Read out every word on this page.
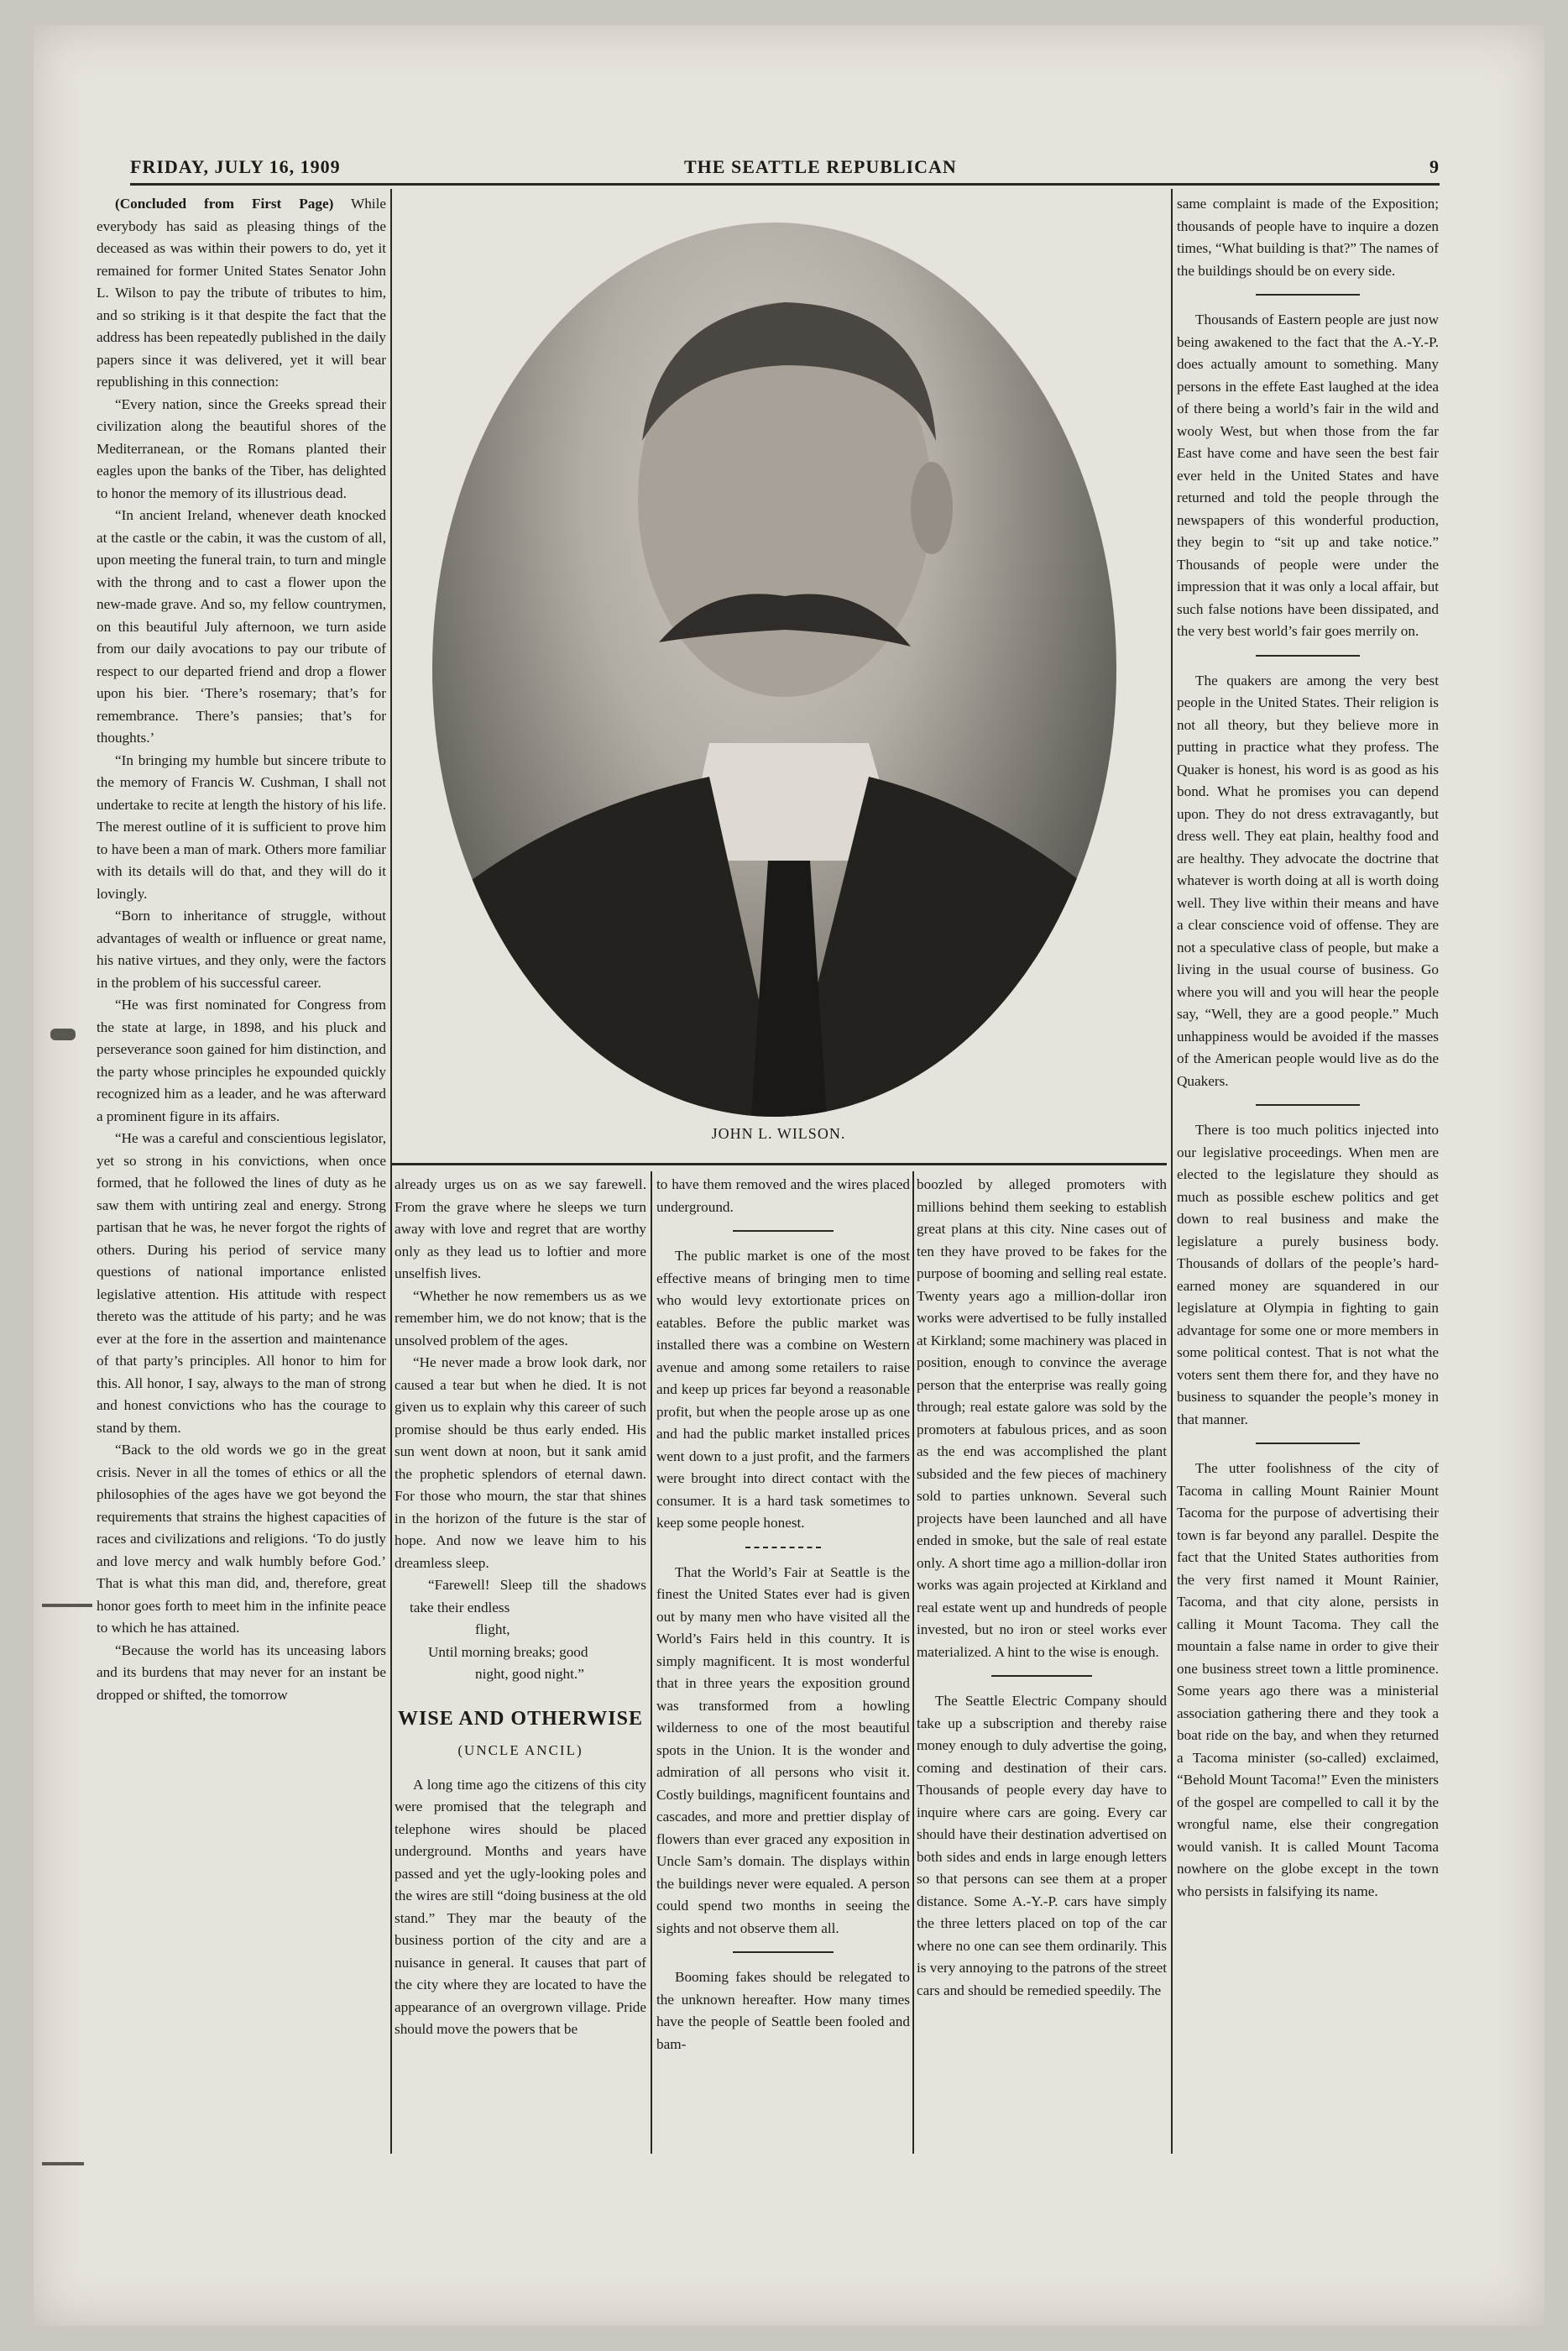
FRIDAY, JULY 16, 1909	THE SEATTLE REPUBLICAN	9

(Concluded from First Page) While everybody has said as pleasing things of the deceased as was within their powers to do, yet it remained for former United States Senator John L. Wilson to pay the tribute of tributes to him, and so striking is it that despite the fact that the address has been repeatedly published in the daily papers since it was delivered, yet it will bear republishing in this connection:

“Every nation, since the Greeks spread their civilization along the beautiful shores of the Mediterranean, or the Romans planted their eagles upon the banks of the Tiber, has delighted to honor the memory of its illustrious dead.

“In ancient Ireland, whenever death knocked at the castle or the cabin, it was the custom of all, upon meeting the funeral train, to turn and mingle with the throng and to cast a flower upon the new-made grave. And so, my fellow countrymen, on this beautiful July afternoon, we turn aside from our daily avocations to pay our tribute of respect to our departed friend and drop a flower upon his bier. ‘There’s rosemary; that’s for remembrance. There’s pansies; that’s for thoughts.’

“In bringing my humble but sincere tribute to the memory of Francis W. Cushman, I shall not undertake to recite at length the history of his life. The merest outline of it is sufficient to prove him to have been a man of mark. Others more familiar with its details will do that, and they will do it lovingly.

“Born to inheritance of struggle, without advantages of wealth or influence or great name, his native virtues, and they only, were the factors in the problem of his successful career.

“He was first nominated for Congress from the state at large, in 1898, and his pluck and perseverance soon gained for him distinction, and the party whose principles he expounded quickly recognized him as a leader, and he was afterward a prominent figure in its affairs.

“He was a careful and conscientious legislator, yet so strong in his convictions, when once formed, that he followed the lines of duty as he saw them with untiring zeal and energy. Strong partisan that he was, he never forgot the rights of others. During his period of service many questions of national importance enlisted legislative attention. His attitude with respect thereto was the attitude of his party; and he was ever at the fore in the assertion and maintenance of that party’s principles. All honor to him for this. All honor, I say, always to the man of strong and honest convictions who has the courage to stand by them.

“Back to the old words we go in the great crisis. Never in all the tomes of ethics or all the philosophies of the ages have we got beyond the requirements that strains the highest capacities of races and civilizations and religions. ‘To do justly and love mercy and walk humbly before God.’ That is what this man did, and, therefore, great honor goes forth to meet him in the infinite peace to which he has attained.

“Because the world has its unceasing labors and its burdens that may never for an instant be dropped or shifted, the tomorrow

JOHN L. WILSON.

already urges us on as we say farewell. From the grave where he sleeps we turn away with love and regret that are worthy only as they lead us to loftier and more unselfish lives.

“Whether he now remembers us as we remember him, we do not know; that is the unsolved problem of the ages.

“He never made a brow look dark, nor caused a tear but when he died. It is not given us to explain why this career of such promise should be thus early ended. His sun went down at noon, but it sank amid the prophetic splendors of eternal dawn. For those who mourn, the star that shines in the horizon of the future is the star of hope. And now we leave him to his dreamless sleep.

“Farewell! Sleep till the shadows take their endless
flight,

Until morning breaks; good
night, good night.”

WISE AND OTHERWISE
(UNCLE ANCIL)

A long time ago the citizens of this city were promised that the telegraph and telephone wires should be placed underground. Months and years have passed and yet the ugly-looking poles and the wires are still “doing business at the old stand.” They mar the beauty of the business portion of the city and are a nuisance in general. It causes that part of the city where they are located to have the appearance of an overgrown village. Pride should move the powers that be

to have them removed and the wires placed underground.

The public market is one of the most effective means of bringing men to time who would levy extortionate prices on eatables. Before the public market was installed there was a combine on Western avenue and among some retailers to raise and keep up prices far beyond a reasonable profit, but when the people arose up as one and had the public market installed prices went down to a just profit, and the farmers were brought into direct contact with the consumer. It is a hard task sometimes to keep some people honest.

That the World’s Fair at Seattle is the finest the United States ever had is given out by many men who have visited all the World’s Fairs held in this country. It is simply magnificent. It is most wonderful that in three years the exposition ground was transformed from a howling wilderness to one of the most beautiful spots in the Union. It is the wonder and admiration of all persons who visit it. Costly buildings, magnificent fountains and cascades, and more and prettier display of flowers than ever graced any exposition in Uncle Sam’s domain. The displays within the buildings never were equaled. A person could spend two months in seeing the sights and not observe them all.

Booming fakes should be relegated to the unknown hereafter. How many times have the people of Seattle been fooled and bam-

boozled by alleged promoters with millions behind them seeking to establish great plans at this city. Nine cases out of ten they have proved to be fakes for the purpose of booming and selling real estate. Twenty years ago a million-dollar iron works were advertised to be fully installed at Kirkland; some machinery was placed in position, enough to convince the average person that the enterprise was really going through; real estate galore was sold by the promoters at fabulous prices, and as soon as the end was accomplished the plant subsided and the few pieces of machinery sold to parties unknown. Several such projects have been launched and all have ended in smoke, but the sale of real estate only. A short time ago a million-dollar iron works was again projected at Kirkland and real estate went up and hundreds of people invested, but no iron or steel works ever materialized. A hint to the wise is enough.

The Seattle Electric Company should take up a subscription and thereby raise money enough to duly advertise the going, coming and destination of their cars. Thousands of people every day have to inquire where cars are going. Every car should have their destination advertised on both sides and ends in large enough letters so that persons can see them at a proper distance. Some A.-Y.-P. cars have simply the three letters placed on top of the car where no one can see them ordinarily. This is very annoying to the patrons of the street cars and should be remedied speedily. The

same complaint is made of the Exposition; thousands of people have to inquire a dozen times, “What building is that?” The names of the buildings should be on every side.

Thousands of Eastern people are just now being awakened to the fact that the A.-Y.-P. does actually amount to something. Many persons in the effete East laughed at the idea of there being a world’s fair in the wild and wooly West, but when those from the far East have come and have seen the best fair ever held in the United States and have returned and told the people through the newspapers of this wonderful production, they begin to “sit up and take notice.” Thousands of people were under the impression that it was only a local affair, but such false notions have been dissipated, and the very best world’s fair goes merrily on.

The quakers are among the very best people in the United States. Their religion is not all theory, but they believe more in putting in practice what they profess. The Quaker is honest, his word is as good as his bond. What he promises you can depend upon. They do not dress extravagantly, but dress well. They eat plain, healthy food and are healthy. They advocate the doctrine that whatever is worth doing at all is worth doing well. They live within their means and have a clear conscience void of offense. They are not a speculative class of people, but make a living in the usual course of business. Go where you will and you will hear the people say, “Well, they are a good people.” Much unhappiness would be avoided if the masses of the American people would live as do the Quakers.

There is too much politics injected into our legislative proceedings. When men are elected to the legislature they should as much as possible eschew politics and get down to real business and make the legislature a purely business body. Thousands of dollars of the people’s hard-earned money are squandered in our legislature at Olympia in fighting to gain advantage for some one or more members in some political contest. That is not what the voters sent them there for, and they have no business to squander the people’s money in that manner.

The utter foolishness of the city of Tacoma in calling Mount Rainier Mount Tacoma for the purpose of advertising their town is far beyond any parallel. Despite the fact that the United States authorities from the very first named it Mount Rainier, Tacoma, and that city alone, persists in calling it Mount Tacoma. They call the mountain a false name in order to give their one business street town a little prominence. Some years ago there was a ministerial association gathering there and they took a boat ride on the bay, and when they returned a Tacoma minister (so-called) exclaimed, “Behold Mount Tacoma!” Even the ministers of the gospel are compelled to call it by the wrongful name, else their congregation would vanish. It is called Mount Tacoma nowhere on the globe except in the town who persists in falsifying its name.
